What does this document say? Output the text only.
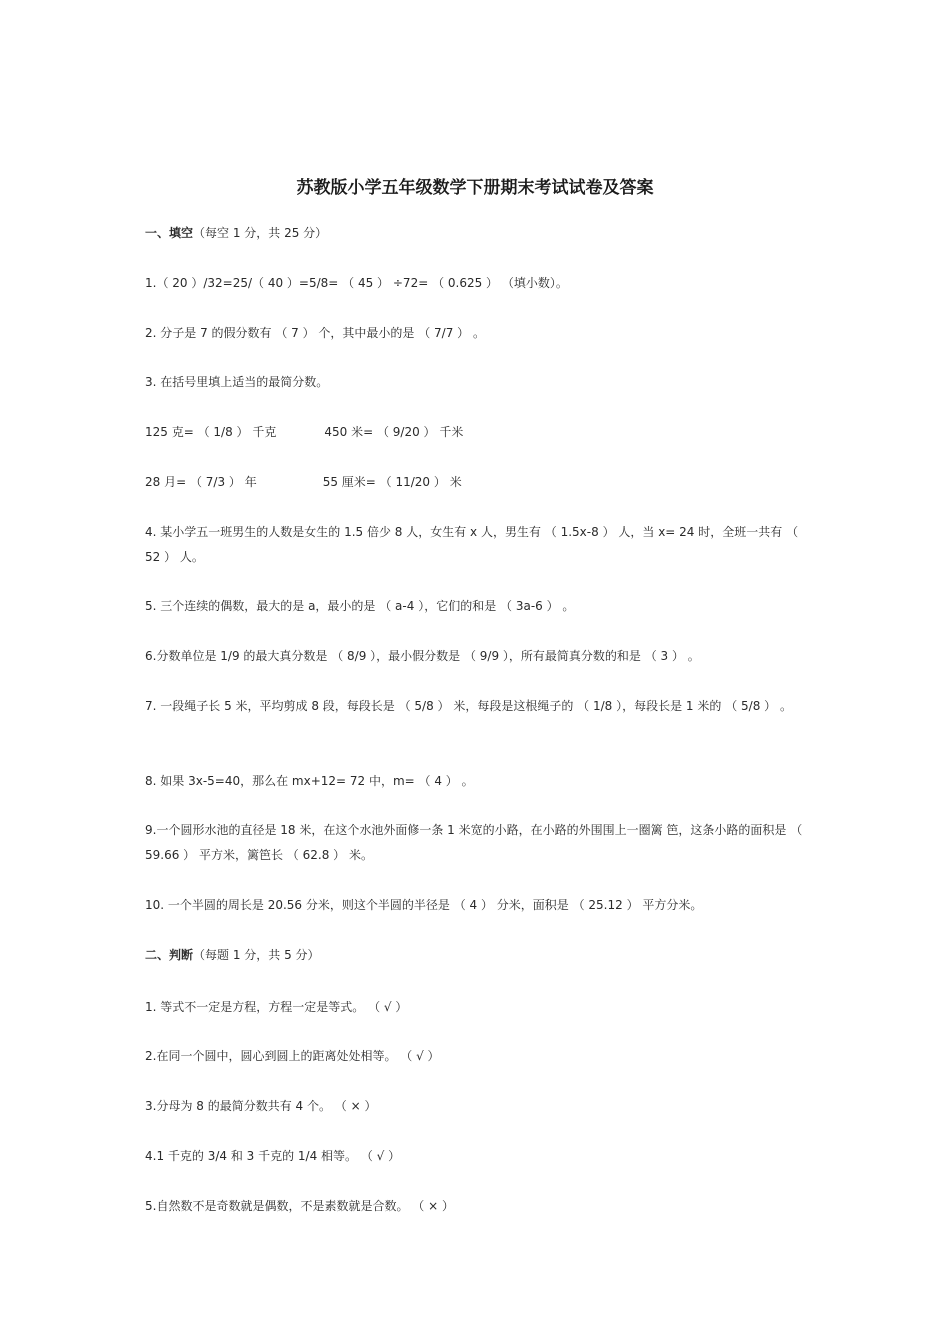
苏教版小学五年级数学下册期末考试试卷及答案
一、填空（每空 1 分，共 25 分）
1.（ 20 ）/32=25/（ 40 ）=5/8= （ 45 ） ÷72= （ 0.625 ） （填小数）。
2. 分子是 7 的假分数有 （ 7 ） 个，其中最小的是 （ 7/7 ） 。
3. 在括号里填上适当的最简分数。
125 克= （ 1/8 ） 千克	450 米= （ 9/20 ） 千米
28 月= （ 7/3 ） 年	55 厘米= （ 11/20 ） 米
4. 某小学五一班男生的人数是女生的 1.5 倍少 8 人，女生有 x 人，男生有 （ 1.5x-8 ） 人，当 x= 24 时，全班一共有 （ 52 ） 人。
5. 三个连续的偶数，最大的是 a，最小的是 （ a-4 ），它们的和是 （ 3a-6 ） 。
6.分数单位是 1/9 的最大真分数是 （ 8/9 ），最小假分数是 （ 9/9 ），所有最简真分数的和是 （ 3 ） 。
7. 一段绳子长 5 米，平均剪成 8 段，每段长是 （ 5/8 ） 米，每段是这根绳子的 （ 1/8 ），每段长是 1 米的 （ 5/8 ） 。
8. 如果 3x-5=40，那么在 mx+12= 72 中，m= （ 4 ） 。
9.一个圆形水池的直径是 18 米，在这个水池外面修一条 1 米宽的小路，在小路的外围围上一圈篱 笆，这条小路的面积是 （ 59.66 ） 平方米，篱笆长 （ 62.8 ） 米。
10. 一个半圆的周长是 20.56 分米，则这个半圆的半径是 （ 4 ） 分米，面积是 （ 25.12 ） 平方分米。
二、判断（每题 1 分，共 5 分）
1. 等式不一定是方程，方程一定是等式。 （ √ ）
2.在同一个圆中，圆心到圆上的距离处处相等。 （ √ ）
3.分母为 8 的最简分数共有 4 个。 （ × ）
4.1 千克的 3/4 和 3 千克的 1/4 相等。 （ √ ）
5.自然数不是奇数就是偶数，不是素数就是合数。 （ × ）
